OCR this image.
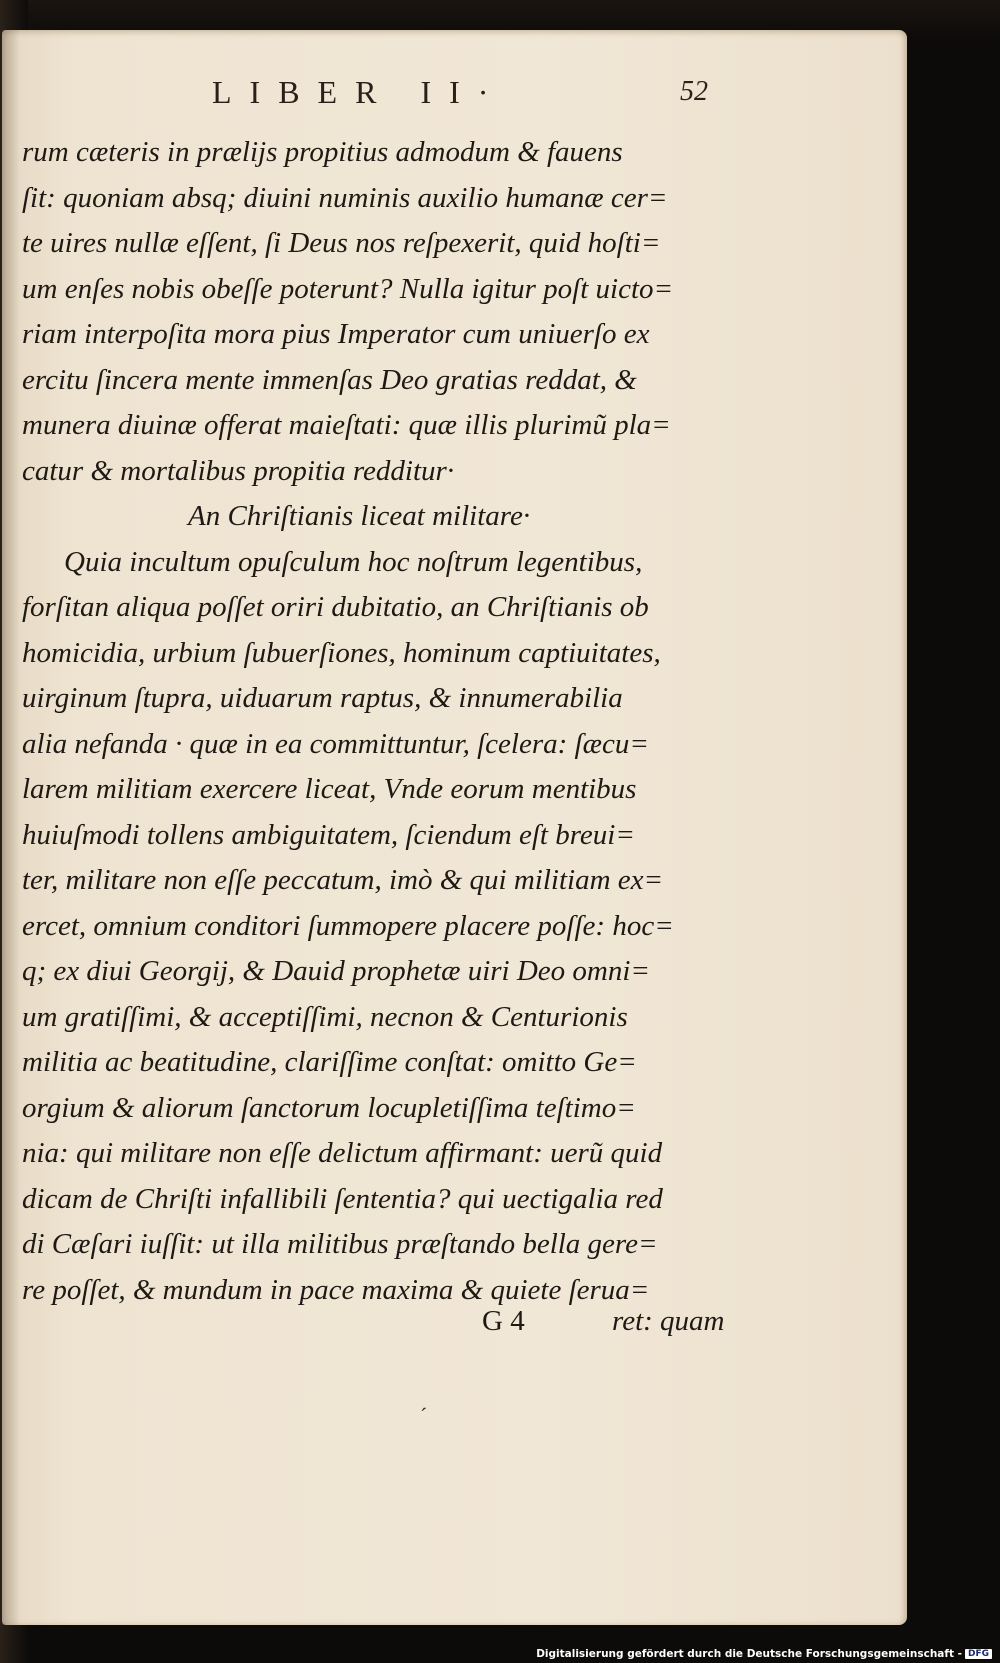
LIBER II·	52
rum cæteris in prælijs propitius admodum & fauens
ſit: quoniam absq; diuini numinis auxilio humanæ cer=
te uires nullæ eſſent, ſi Deus nos reſpexerit, quid hoſti=
um enſes nobis obeſſe poterunt? Nulla igitur poſt uicto=
riam interpoſita mora pius Imperator cum uniuerſo ex
ercitu ſincera mente immenſas Deo gratias reddat, &
munera diuinæ offerat maieſtati: quæ illis plurimũ pla=
catur & mortalibus propitia redditur·
An Chriſtianis liceat militare·
Quia incultum opuſculum hoc noſtrum legentibus,
forſitan aliqua poſſet oriri dubitatio, an Chriſtianis ob
homicidia, urbium ſubuerſiones, hominum captiuitates,
uirginum ſtupra, uiduarum raptus, & innumerabilia
alia nefanda · quæ in ea committuntur, ſcelera: ſæcu=
larem militiam exercere liceat, Vnde eorum mentibus
huiuſmodi tollens ambiguitatem, ſciendum eſt breui=
ter, militare non eſſe peccatum, imò & qui militiam ex=
ercet, omnium conditori ſummopere placere poſſe: hoc=
q; ex diui Georgij, & Dauid prophetæ uiri Deo omni=
um gratiſſimi, & acceptiſſimi, necnon & Centurionis
militia ac beatitudine, clariſſime conſtat: omitto Ge=
orgium & aliorum ſanctorum locupletiſſima teſtimo=
nia: qui militare non eſſe delictum affirmant: uerũ quid
dicam de Chriſti infallibili ſententia? qui uectigalia red
di Cæſari iuſſit: ut illa militibus præſtando bella gere=
re poſſet, & mundum in pace maxima & quiete ſerua=
G 4	ret: quam
ˊ
Digitalisierung gefördert durch die Deutsche Forschungsgemeinschaft - DFG
